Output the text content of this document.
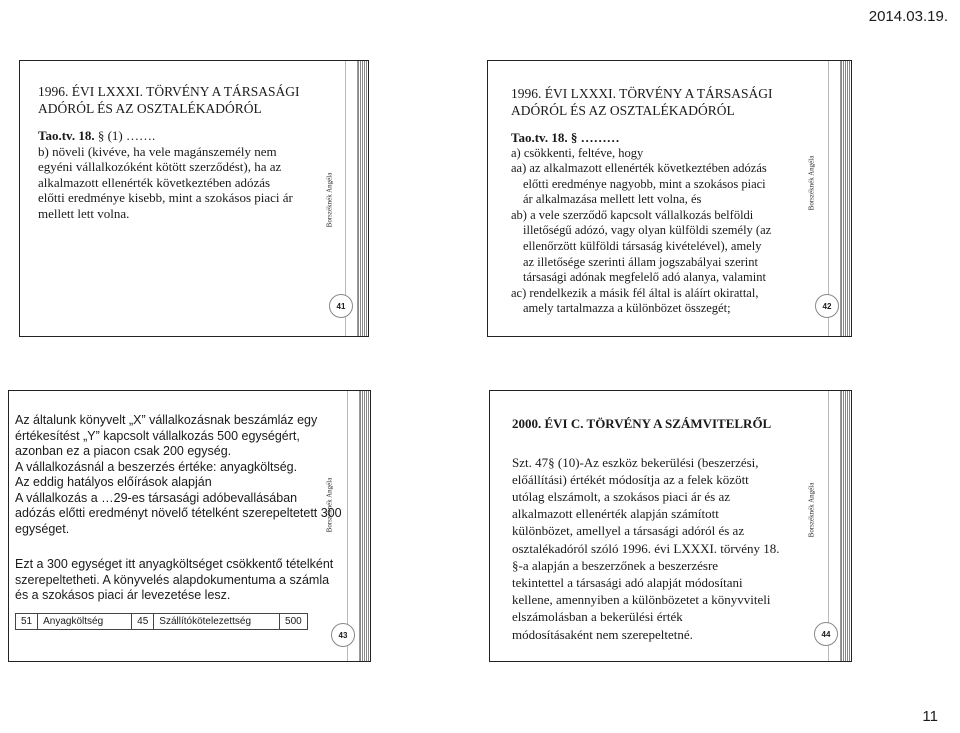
2014.03.19.
Borszéknék Angéla

1996. ÉVI LXXXI. TÖRVÉNY A TÁRSASÁGI

ADÓRÓL ÉS AZ OSZTALÉKADÓRÓL

Tao.tv. 18. § (1) …….

b) növeli (kivéve, ha vele magánszemély nem

egyéni vállalkozóként kötött szerződést), ha az

alkalmazott ellenérték következtében adózás

előtti eredménye kisebb, mint a szokásos piaci ár

mellett lett volna.

41
Borszéknék Angéla

1996. ÉVI LXXXI. TÖRVÉNY A TÁRSASÁGI

ADÓRÓL ÉS AZ OSZTALÉKADÓRÓL

Tao.tv. 18. § ………

a) csökkenti, feltéve, hogy

aa) az alkalmazott ellenérték következtében adózás

előtti eredménye nagyobb, mint a szokásos piaci

ár alkalmazása mellett lett volna, és

ab) a vele szerződő kapcsolt vállalkozás belföldi

illetőségű adózó, vagy olyan külföldi személy (az

ellenőrzött külföldi társaság kivételével), amely

az illetősége szerinti állam jogszabályai szerint

társasági adónak megfelelő adó alanya, valamint

ac) rendelkezik a másik fél által is aláírt okirattal,

amely tartalmazza a különbözet összegét;	42
Borszéknék Angéla

Az általunk könyvelt „X” vállalkozásnak beszámláz egy

értékesítést „Y” kapcsolt vállalkozás 500 egységért,

azonban ez a piacon csak 200 egység.

A vállalkozásnál a beszerzés értéke: anyagköltség.

Az eddig hatályos előírások alapján

A vállalkozás a …29-es társasági adóbevallásában

adózás előtti eredményt növelő tételként szerepeltetett 300

egységet.

Ezt a 300 egységet itt anyagköltséget csökkentő tételként

szerepeltetheti. A könyvelés alapdokumentuma a számla

és a szokásos piaci ár levezetése lesz.

51	Anyagköltség	45	Szállítókötelezettség	500
43
Borszéknék Angéla

2000. ÉVI C. TÖRVÉNY A SZÁMVITELRŐL

Szt. 47§ (10)-Az eszköz bekerülési (beszerzési,

előállítási) értékét módosítja az a felek között

utólag elszámolt, a szokásos piaci ár és az

alkalmazott ellenérték alapján számított

különbözet, amellyel a társasági adóról és az

osztalékadóról szóló 1996. évi LXXXI. törvény 18.

§-a alapján a beszerzőnek a beszerzésre

tekintettel a társasági adó alapját módosítani

kellene, amennyiben a különbözetet a könyvviteli

elszámolásban a bekerülési érték

módosításaként nem szerepeltetné.	44
11
